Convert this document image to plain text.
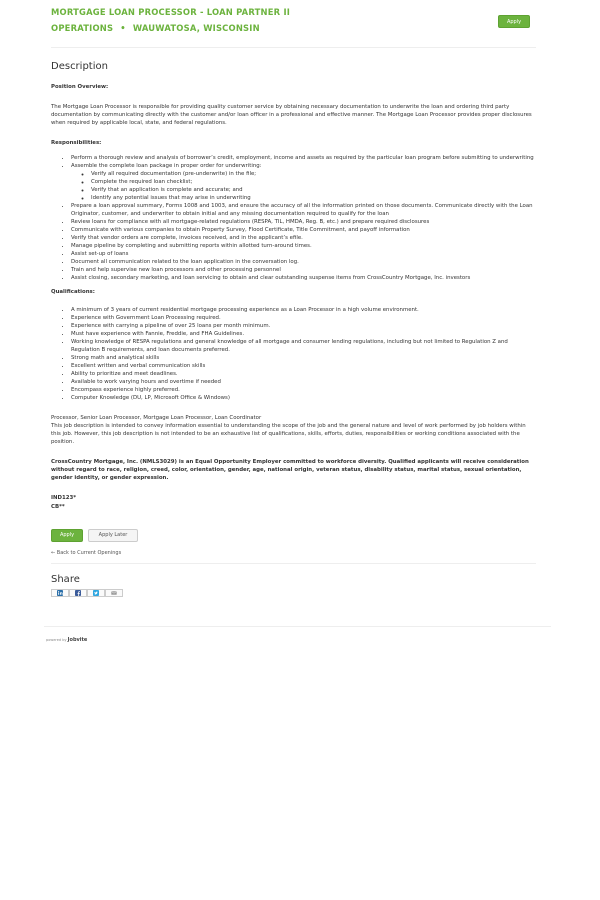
MORTGAGE LOAN PROCESSOR - LOAN PARTNER II
OPERATIONS • WAUWATOSA, WISCONSIN
Apply
Description

Position Overview:

The Mortgage Loan Processor is responsible for providing quality customer service by obtaining necessary documentation to underwrite the loan and ordering third party documentation by communicating directly with the customer and/or loan officer in a professional and effective manner. The Mortgage Loan Processor provides proper disclosures when required by applicable local, state, and federal regulations.

Responsibilities:

• Perform a thorough review and analysis of borrower’s credit, employment, income and assets as required by the particular loan program before submitting to underwriting
• Assemble the complete loan package in proper order for underwriting:
◦ Verify all required documentation (pre-underwrite) in the file;
◦ Complete the required loan checklist;
◦ Verify that an application is complete and accurate; and
◦ Identify any potential issues that may arise in underwriting
• Prepare a loan approval summary, Forms 1008 and 1003, and ensure the accuracy of all the information printed on those documents. Communicate directly with the Loan Originator, customer, and underwriter to obtain initial and any missing documentation required to qualify for the loan
• Review loans for compliance with all mortgage-related regulations (RESPA, TIL, HMDA, Reg. B, etc.) and prepare required disclosures
• Communicate with various companies to obtain Property Survey, Flood Certificate, Title Commitment, and payoff information
• Verify that vendor orders are complete, invoices received, and in the applicant’s efile.
• Manage pipeline by completing and submitting reports within allotted turn-around times.
• Assist set-up of loans
• Document all communication related to the loan application in the conversation log.
• Train and help supervise new loan processors and other processing personnel
• Assist closing, secondary marketing, and loan servicing to obtain and clear outstanding suspense items from CrossCountry Mortgage, Inc. investors

Qualifications:

• A minimum of 3 years of current residential mortgage processing experience as a Loan Processor in a high volume environment.
• Experience with Government Loan Processing required.
• Experience with carrying a pipeline of over 25 loans per month minimum.
• Must have experience with Fannie, Freddie, and FHA Guidelines.
• Working knowledge of RESPA regulations and general knowledge of all mortgage and consumer lending regulations, including but not limited to Regulation Z and Regulation B requirements, and loan documents preferred.
• Strong math and analytical skills
• Excellent written and verbal communication skills
• Ability to prioritize and meet deadlines.
• Available to work varying hours and overtime if needed
• Encompass experience highly preferred.
• Computer Knowledge (DU, LP, Microsoft Office & Windows)

Processor, Senior Loan Processor, Mortgage Loan Processor, Loan Coordinator

This job description is intended to convey information essential to understanding the scope of the job and the general nature and level of work performed by job holders within this job. However, this job description is not intended to be an exhaustive list of qualifications, skills, efforts, duties, responsibilities or working conditions associated with the position.

CrossCountry Mortgage, Inc. (NMLS3029) is an Equal Opportunity Employer committed to workforce diversity. Qualified applicants will receive consideration without regard to race, religion, creed, color, orientation, gender, age, national origin, veteran status, disability status, marital status, sexual orientation, gender identity, or gender expression.

IND123*

CB**

Apply	Apply Later
← Back to Current Openings
Share
powered by Jobvite
